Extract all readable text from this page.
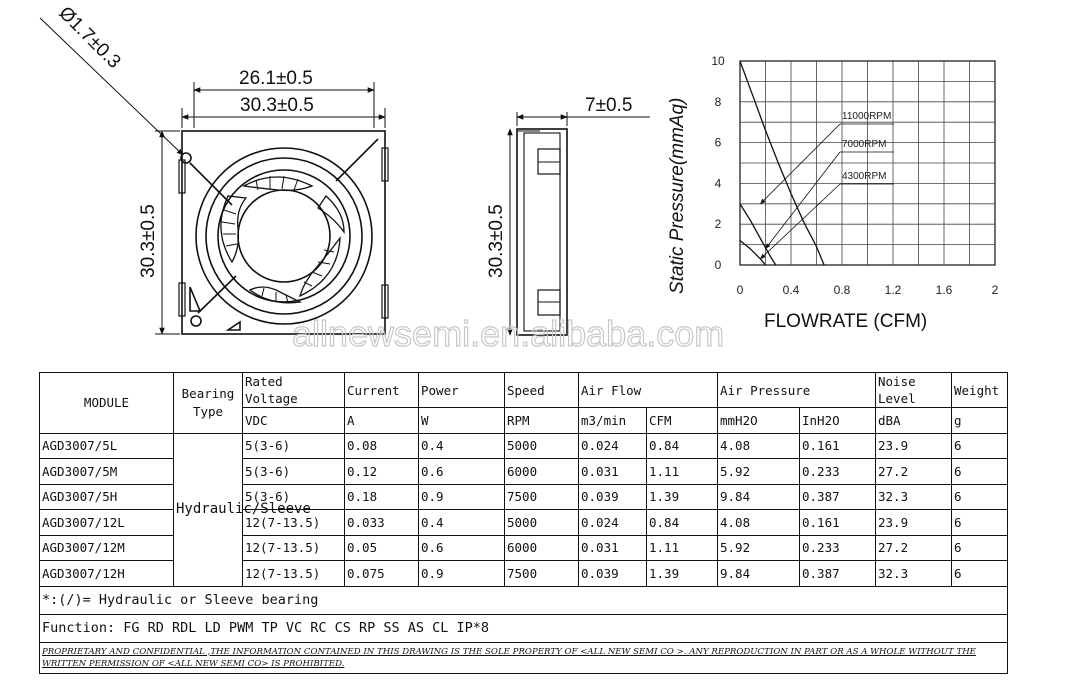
26.1±0.5
30.3±0.5
30.3±0.5
Ø1.7±0.3
7±0.5
30.3±0.5
0	0.4	0.8	1.2	1.6	2
0
2
4
6
8
10
11000RPM
7000RPM
4300RPM
Static Pressure(mmAq)
FLOWRATE (CFM)
allnewsemi.en.alibaba.com
MODULE	Bearing Type	Rated Voltage	Current	Power	Speed	Air Flow		Air Pressure		Noise Level	Weight
		VDC	A	W	RPM	m3/min	CFM	mmH2O	InH2O	dBA	g
AGD3007/5L	Hydraulic/Sleeve	5(3-6)	0.08	0.4	5000	0.024	0.84	4.08	0.161	23.9	6
AGD3007/5M		5(3-6)	0.12	0.6	6000	0.031	1.11	5.92	0.233	27.2	6
AGD3007/5H		5(3-6)	0.18	0.9	7500	0.039	1.39	9.84	0.387	32.3	6
AGD3007/12L		12(7-13.5)	0.033	0.4	5000	0.024	0.84	4.08	0.161	23.9	6
AGD3007/12M		12(7-13.5)	0.05	0.6	6000	0.031	1.11	5.92	0.233	27.2	6
AGD3007/12H		12(7-13.5)	0.075	0.9	7500	0.039	1.39	9.84	0.387	32.3	6
*:(/)= Hydraulic or Sleeve bearing											
Function: FG RD RDL LD PWM TP VC RC CS RP SS AS CL IP*8											
PROPRIETARY AND CONFIDENTIAL ,THE INFORMATION CONTAINED IN THIS DRAWING IS THE SOLE PROPERTY OF <ALL NEW SEMI CO >. ANY REPRODUCTION IN PART OR AS A WHOLE WITHOUT THE WRITTEN PERMISSION OF <ALL NEW SEMI CO> IS PROHIBITED.											
